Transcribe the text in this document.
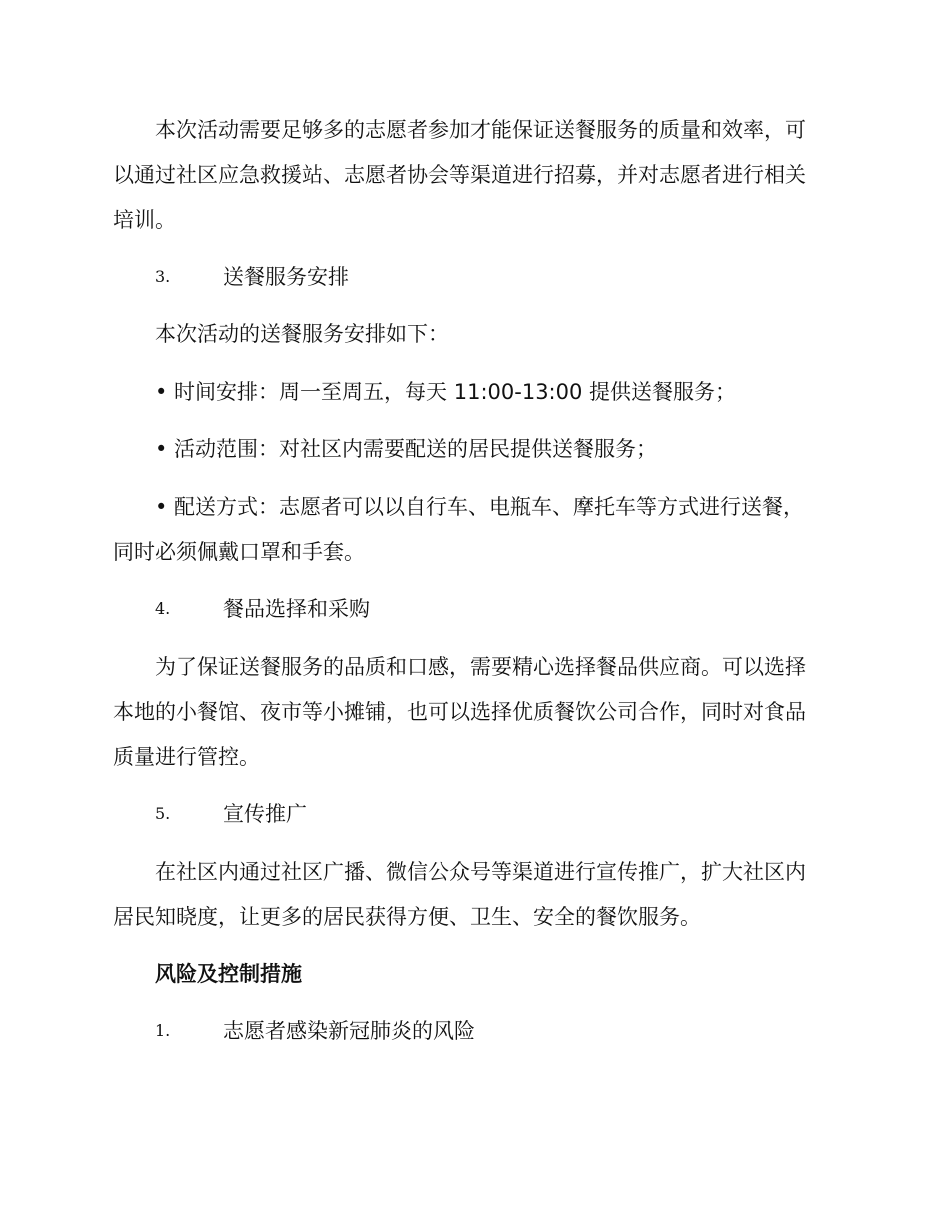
本次活动需要足够多的志愿者参加才能保证送餐服务的质量和效率，可
以通过社区应急救援站、志愿者协会等渠道进行招募，并对志愿者进行相关
培训。
3.	送餐服务安排
本次活动的送餐服务安排如下：
• 时间安排：周一至周五，每天 11:00-13:00 提供送餐服务；
• 活动范围：对社区内需要配送的居民提供送餐服务；
• 配送方式：志愿者可以以自行车、电瓶车、摩托车等方式进行送餐，
同时必须佩戴口罩和手套。
4.	餐品选择和采购
为了保证送餐服务的品质和口感，需要精心选择餐品供应商。可以选择
本地的小餐馆、夜市等小摊铺，也可以选择优质餐饮公司合作，同时对食品
质量进行管控。
5.	宣传推广
在社区内通过社区广播、微信公众号等渠道进行宣传推广，扩大社区内
居民知晓度，让更多的居民获得方便、卫生、安全的餐饮服务。
风险及控制措施
1.	志愿者感染新冠肺炎的风险
